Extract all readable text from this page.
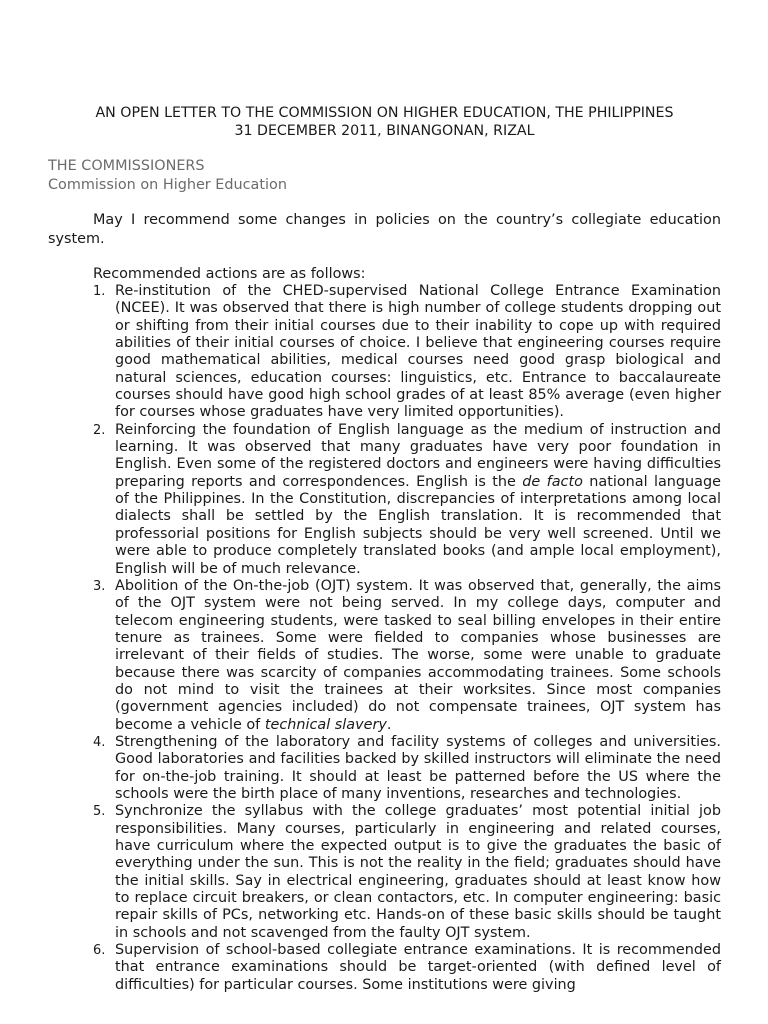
AN OPEN LETTER TO THE COMMISSION ON HIGHER EDUCATION, THE PHILIPPINES
31 DECEMBER 2011, BINANGONAN, RIZAL
THE COMMISSIONERS
Commission on Higher Education

May I recommend some changes in policies on the country’s collegiate education system.

Recommended actions are as follows:

1. Re-institution of the CHED-supervised National College Entrance Examination (NCEE). It was observed that there is high number of college students dropping out or shifting from their initial courses due to their inability to cope up with required abilities of their initial courses of choice. I believe that engineering courses require good mathematical abilities, medical courses need good grasp biological and natural sciences, education courses: linguistics, etc. Entrance to baccalaureate courses should have good high school grades of at least 85% average (even higher for courses whose graduates have very limited opportunities).
2. Reinforcing the foundation of English language as the medium of instruction and learning. It was observed that many graduates have very poor foundation in English. Even some of the registered doctors and engineers were having difficulties preparing reports and correspondences. English is the de facto national language of the Philippines. In the Constitution, discrepancies of interpretations among local dialects shall be settled by the English translation. It is recommended that professorial positions for English subjects should be very well screened. Until we were able to produce completely translated books (and ample local employment), English will be of much relevance.
3. Abolition of the On-the-job (OJT) system. It was observed that, generally, the aims of the OJT system were not being served. In my college days, computer and telecom engineering students, were tasked to seal billing envelopes in their entire tenure as trainees. Some were fielded to companies whose businesses are irrelevant of their fields of studies. The worse, some were unable to graduate because there was scarcity of companies accommodating trainees. Some schools do not mind to visit the trainees at their worksites. Since most companies (government agencies included) do not compensate trainees, OJT system has become a vehicle of technical slavery.
4. Strengthening of the laboratory and facility systems of colleges and universities. Good laboratories and facilities backed by skilled instructors will eliminate the need for on-the-job training. It should at least be patterned before the US where the schools were the birth place of many inventions, researches and technologies.
5. Synchronize the syllabus with the college graduates’ most potential initial job responsibilities. Many courses, particularly in engineering and related courses, have curriculum where the expected output is to give the graduates the basic of everything under the sun. This is not the reality in the field; graduates should have the initial skills. Say in electrical engineering, graduates should at least know how to replace circuit breakers, or clean contactors, etc. In computer engineering: basic repair skills of PCs, networking etc. Hands-on of these basic skills should be taught in schools and not scavenged from the faulty OJT system.
6. Supervision of school-based collegiate entrance examinations. It is recommended that entrance examinations should be target-oriented (with defined level of difficulties) for particular courses. Some institutions were giving
